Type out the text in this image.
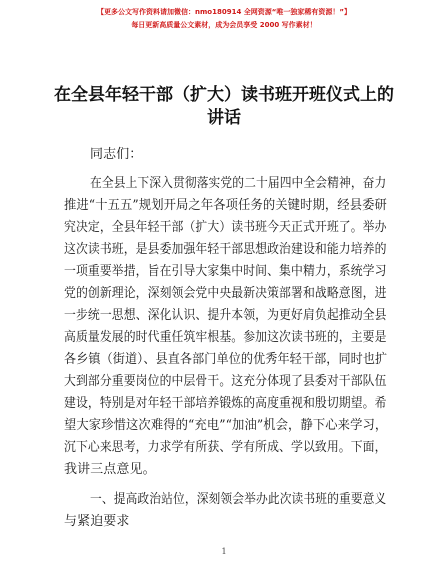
【更多公文写作资料请加微信：nmo180914 全网资源“唯一独家稀有资源！”】
每日更新高质量公文素材，成为会员享受 2000 写作素材！
在全县年轻干部（扩大）读书班开班仪式上的
讲话
同志们：
在全县上下深入贯彻落实党的二十届四中全会精神，奋力
推进“十五五”规划开局之年各项任务的关键时期，经县委研
究决定，全县年轻干部（扩大）读书班今天正式开班了。举办
这次读书班，是县委加强年轻干部思想政治建设和能力培养的
一项重要举措，旨在引导大家集中时间、集中精力，系统学习
党的创新理论，深刻领会党中央最新决策部署和战略意图，进
一步统一思想、深化认识、提升本领，为更好肩负起推动全县
高质量发展的时代重任筑牢根基。参加这次读书班的，主要是
各乡镇（街道）、县直各部门单位的优秀年轻干部，同时也扩
大到部分重要岗位的中层骨干。这充分体现了县委对干部队伍
建设，特别是对年轻干部培养锻炼的高度重视和殷切期望。希
望大家珍惜这次难得的“充电”“加油”机会，静下心来学习，
沉下心来思考，力求学有所获、学有所成、学以致用。下面，
我讲三点意见。
一、提高政治站位，深刻领会举办此次读书班的重要意义
与紧迫要求
1
